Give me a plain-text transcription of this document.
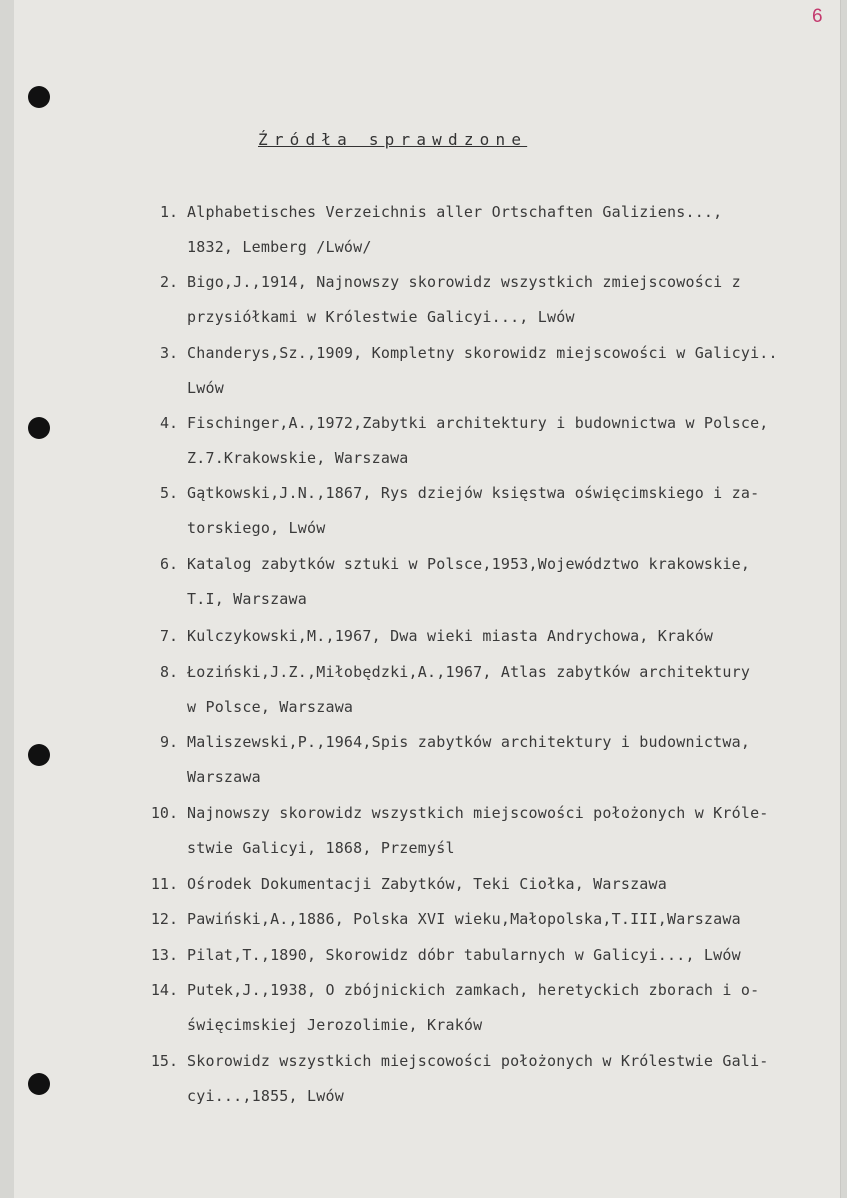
6
Źródła sprawdzone
1. Alphabetisches Verzeichnis aller Ortschaften Galiziens...,
1832, Lemberg /Lwów/
2. Bigo,J.,1914, Najnowszy skorowidz wszystkich zmiejscowości z
przysiółkami w Królestwie Galicyi..., Lwów
3. Chanderys,Sz.,1909, Kompletny skorowidz miejscowości w Galicyi..
Lwów
4. Fischinger,A.,1972,Zabytki architektury i budownictwa w Polsce,
Z.7.Krakowskie, Warszawa
5. Gątkowski,J.N.,1867, Rys dziejów księstwa oświęcimskiego i za-
torskiego, Lwów
6. Katalog zabytków sztuki w Polsce,1953,Województwo krakowskie,
T.I, Warszawa
7. Kulczykowski,M.,1967, Dwa wieki miasta Andrychowa, Kraków
8. Łoziński,J.Z.,Miłobędzki,A.,1967, Atlas zabytków architektury
w Polsce, Warszawa
9. Maliszewski,P.,1964,Spis zabytków architektury i budownictwa,
Warszawa
10. Najnowszy skorowidz wszystkich miejscowości położonych w Króle-
stwie Galicyi, 1868, Przemyśl
11. Ośrodek Dokumentacji Zabytków, Teki Ciołka, Warszawa
12. Pawiński,A.,1886, Polska XVI wieku,Małopolska,T.III,Warszawa
13. Pilat,T.,1890, Skorowidz dóbr tabularnych w Galicyi..., Lwów
14. Putek,J.,1938, O zbójnickich zamkach, heretyckich zborach i o-
święcimskiej Jerozolimie, Kraków
15. Skorowidz wszystkich miejscowości położonych w Królestwie Gali-
cyi...,1855, Lwów
